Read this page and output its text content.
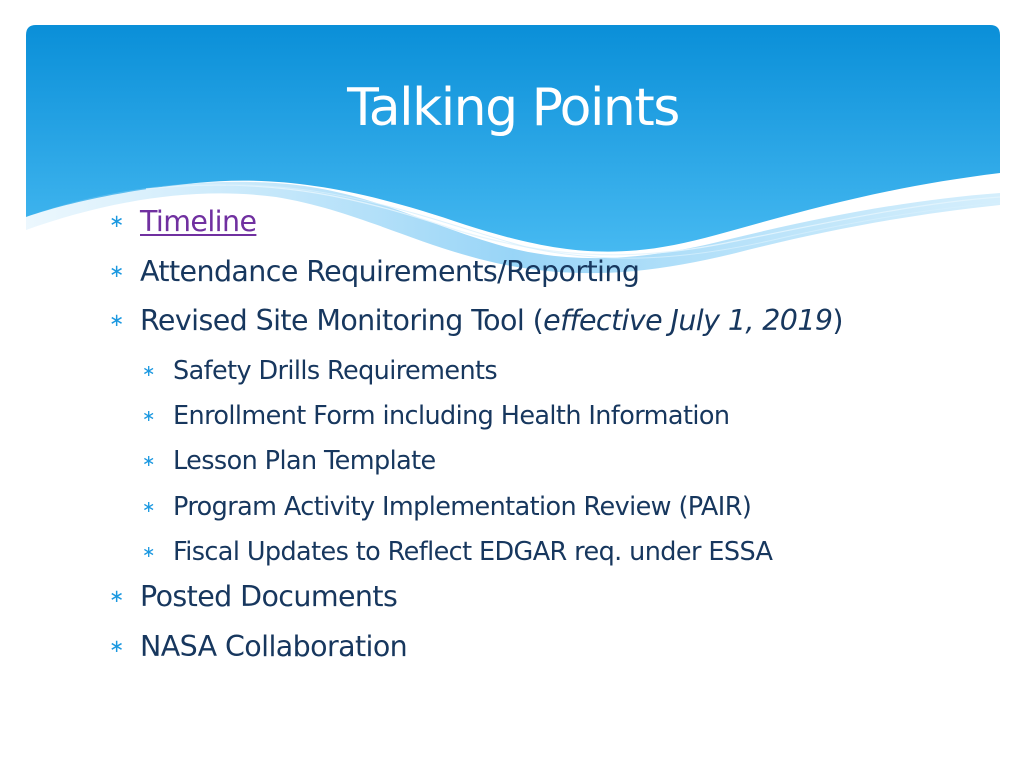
Talking Points
∗ Timeline
∗ Attendance Requirements/Reporting
∗ Revised Site Monitoring Tool (effective July 1, 2019)
∗ Safety Drills Requirements
∗ Enrollment Form including Health Information
∗ Lesson Plan Template
∗ Program Activity Implementation Review (PAIR)
∗ Fiscal Updates to Reflect EDGAR req. under ESSA
∗ Posted Documents
∗ NASA Collaboration
